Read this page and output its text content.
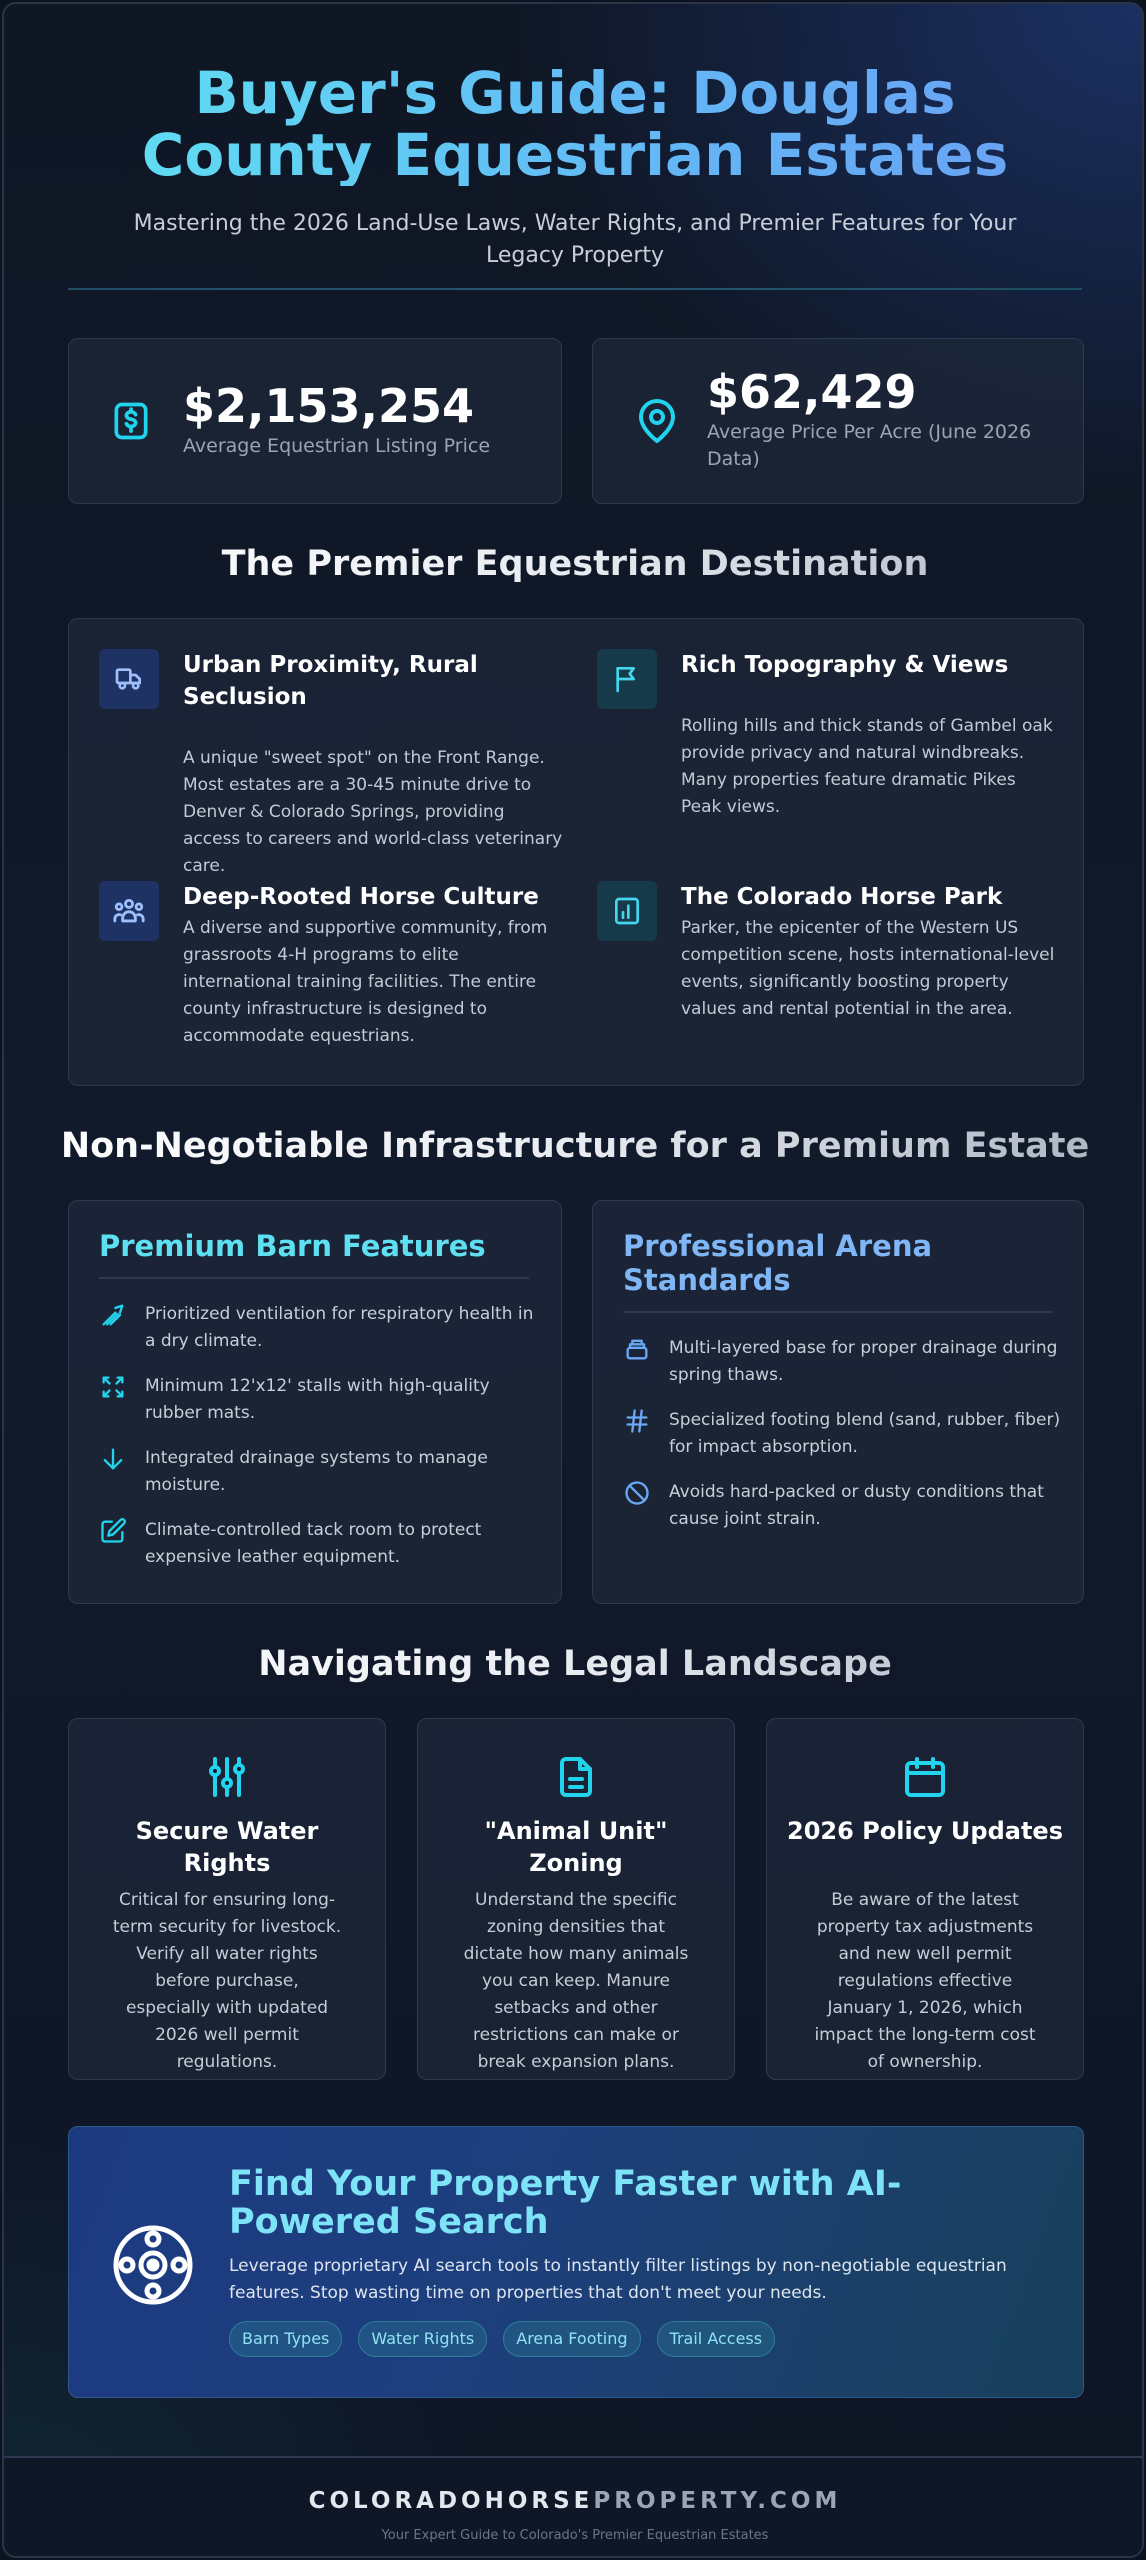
Buyer's Guide: Douglas County Equestrian Estates
Mastering the 2026 Land-Use Laws, Water Rights, and Premier Features for Your Legacy Property
$2,153,254
Average Equestrian Listing Price
$62,429
Average Price Per Acre (June 2026 Data)
The Premier Equestrian Destination
Urban Proximity, Rural Seclusion
A unique "sweet spot" on the Front Range. Most estates are a 30-45 minute drive to Denver & Colorado Springs, providing access to careers and world-class veterinary care.
Rich Topography & Views
Rolling hills and thick stands of Gambel oak provide privacy and natural windbreaks. Many properties feature dramatic Pikes Peak views.
Deep-Rooted Horse Culture
A diverse and supportive community, from grassroots 4-H programs to elite international training facilities. The entire county infrastructure is designed to accommodate equestrians.
The Colorado Horse Park
Parker, the epicenter of the Western US competition scene, hosts international-level events, significantly boosting property values and rental potential in the area.
Non-Negotiable Infrastructure for a Premium Estate
Premium Barn Features
Prioritized ventilation for respiratory health in a dry climate.
Minimum 12'x12' stalls with high-quality rubber mats.
Integrated drainage systems to manage moisture.
Climate-controlled tack room to protect expensive leather equipment.
Professional Arena Standards
Multi-layered base for proper drainage during spring thaws.
Specialized footing blend (sand, rubber, fiber) for impact absorption.
Avoids hard-packed or dusty conditions that cause joint strain.
Navigating the Legal Landscape
Secure Water Rights
Critical for ensuring long-term security for livestock. Verify all water rights before purchase, especially with updated 2026 well permit regulations.
"Animal Unit" Zoning
Understand the specific zoning densities that dictate how many animals you can keep. Manure setbacks and other restrictions can make or break expansion plans.
2026 Policy Updates
Be aware of the latest property tax adjustments and new well permit regulations effective January 1, 2026, which impact the long-term cost of ownership.
Find Your Property Faster with AI-Powered Search
Leverage proprietary AI search tools to instantly filter listings by non-negotiable equestrian features. Stop wasting time on properties that don't meet your needs.
Barn Types	Water Rights	Arena Footing	Trail Access
COLORADOHORSEPROPERTY.COM
Your Expert Guide to Colorado's Premier Equestrian Estates
